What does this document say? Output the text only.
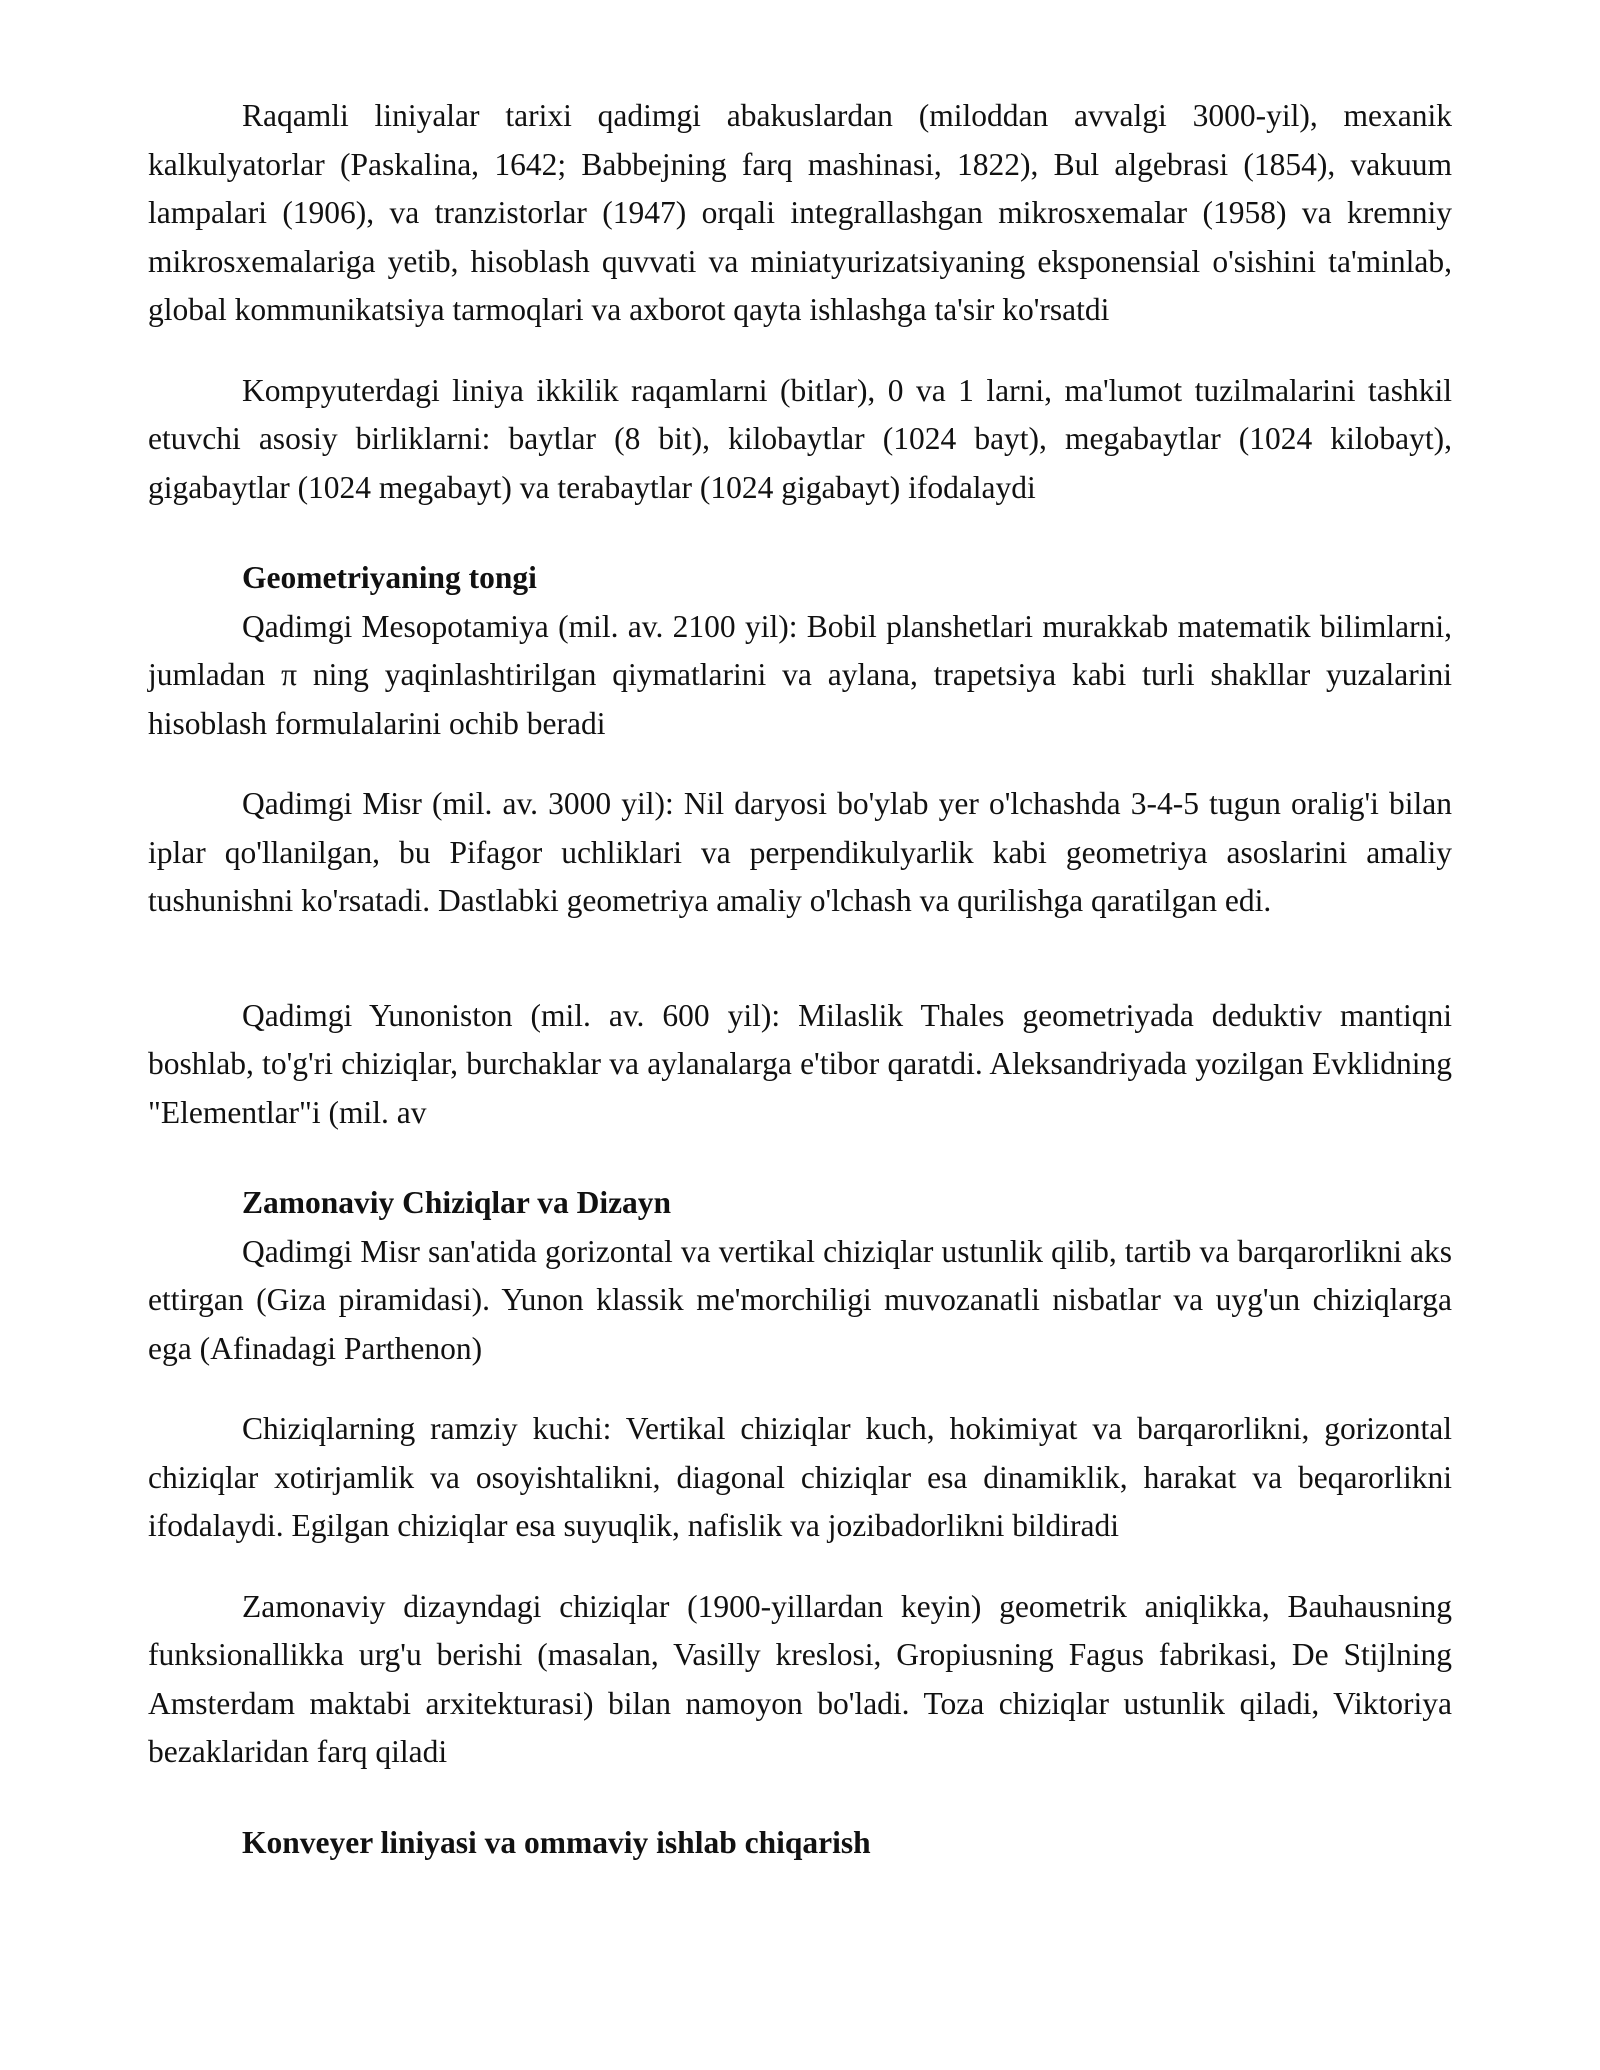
Raqamli liniyalar tarixi qadimgi abakuslardan (miloddan avvalgi 3000-yil), mexanik kalkulyatorlar (Paskalina, 1642; Babbejning farq mashinasi, 1822), Bul algebrasi (1854), vakuum lampalari (1906), va tranzistorlar (1947) orqali integrallashgan mikrosxemalar (1958) va kremniy mikrosxemalariga yetib, hisoblash quvvati va miniatyurizatsiyaning eksponensial o'sishini ta'minlab, global kommunikatsiya tarmoqlari va axborot qayta ishlashga ta'sir ko'rsatdi

Kompyuterdagi liniya ikkilik raqamlarni (bitlar), 0 va 1 larni, ma'lumot tuzilmalarini tashkil etuvchi asosiy birliklarni: baytlar (8 bit), kilobaytlar (1024 bayt), megabaytlar (1024 kilobayt), gigabaytlar (1024 megabayt) va terabaytlar (1024 gigabayt) ifodalaydi

Geometriyaning tongi

Qadimgi Mesopotamiya (mil. av. 2100 yil): Bobil planshetlari murakkab matematik bilimlarni, jumladan π ning yaqinlashtirilgan qiymatlarini va aylana, trapetsiya kabi turli shakllar yuzalarini hisoblash formulalarini ochib beradi

Qadimgi Misr (mil. av. 3000 yil): Nil daryosi bo'ylab yer o'lchashda 3-4-5 tugun oralig'i bilan iplar qo'llanilgan, bu Pifagor uchliklari va perpendikulyarlik kabi geometriya asoslarini amaliy tushunishni ko'rsatadi. Dastlabki geometriya amaliy o'lchash va qurilishga qaratilgan edi.

Qadimgi Yunoniston (mil. av. 600 yil): Milaslik Thales geometriyada deduktiv mantiqni boshlab, to'g'ri chiziqlar, burchaklar va aylanalarga e'tibor qaratdi. Aleksandriyada yozilgan Evklidning "Elementlar"i (mil. av

Zamonaviy Chiziqlar va Dizayn

Qadimgi Misr san'atida gorizontal va vertikal chiziqlar ustunlik qilib, tartib va barqarorlikni aks ettirgan (Giza piramidasi). Yunon klassik me'morchiligi muvozanatli nisbatlar va uyg'un chiziqlarga ega (Afinadagi Parthenon)

Chiziqlarning ramziy kuchi: Vertikal chiziqlar kuch, hokimiyat va barqarorlikni, gorizontal chiziqlar xotirjamlik va osoyishtalikni, diagonal chiziqlar esa dinamiklik, harakat va beqarorlikni ifodalaydi. Egilgan chiziqlar esa suyuqlik, nafislik va jozibadorlikni bildiradi

Zamonaviy dizayndagi chiziqlar (1900-yillardan keyin) geometrik aniqlikka, Bauhausning funksionallikka urg'u berishi (masalan, Vasilly kreslosi, Gropiusning Fagus fabrikasi, De Stijlning Amsterdam maktabi arxitekturasi) bilan namoyon bo'ladi. Toza chiziqlar ustunlik qiladi, Viktoriya bezaklaridan farq qiladi

Konveyer liniyasi va ommaviy ishlab chiqarish
